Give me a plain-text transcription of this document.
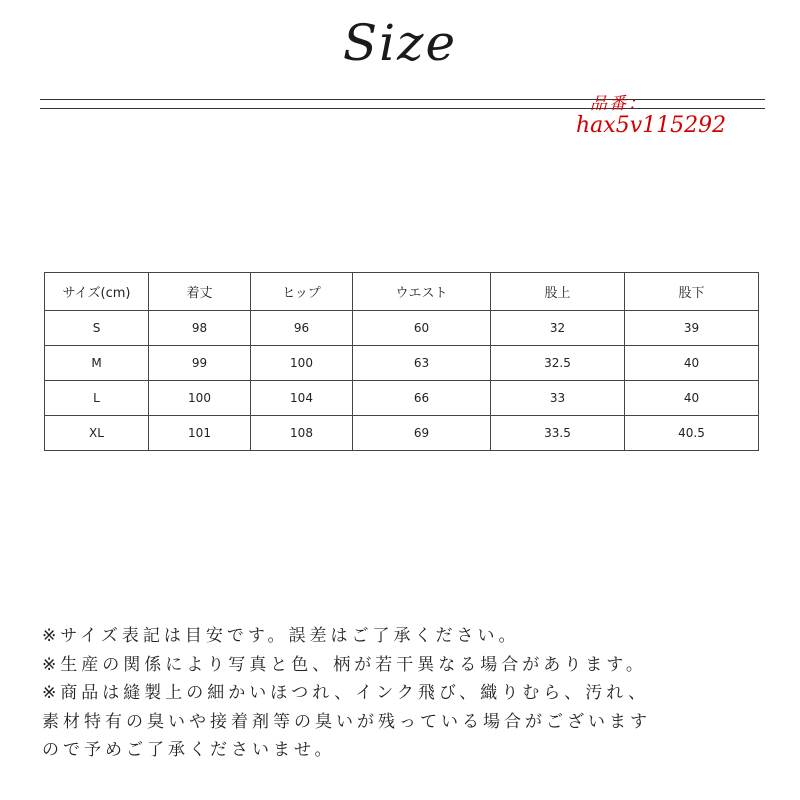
Size
品番：
hax5v115292
サイズ(cm)	着丈	ヒップ	ウエスト	股上	股下
S	98	96	60	32	39
M	99	100	63	32.5	40
L	100	104	66	33	40
XL	101	108	69	33.5	40.5
※サイズ表記は目安です。誤差はご了承ください。
※生産の関係により写真と色、柄が若干異なる場合があります。
※商品は縫製上の細かいほつれ、インク飛び、織りむら、汚れ、
素材特有の臭いや接着剤等の臭いが残っている場合がございます
ので予めご了承くださいませ。
